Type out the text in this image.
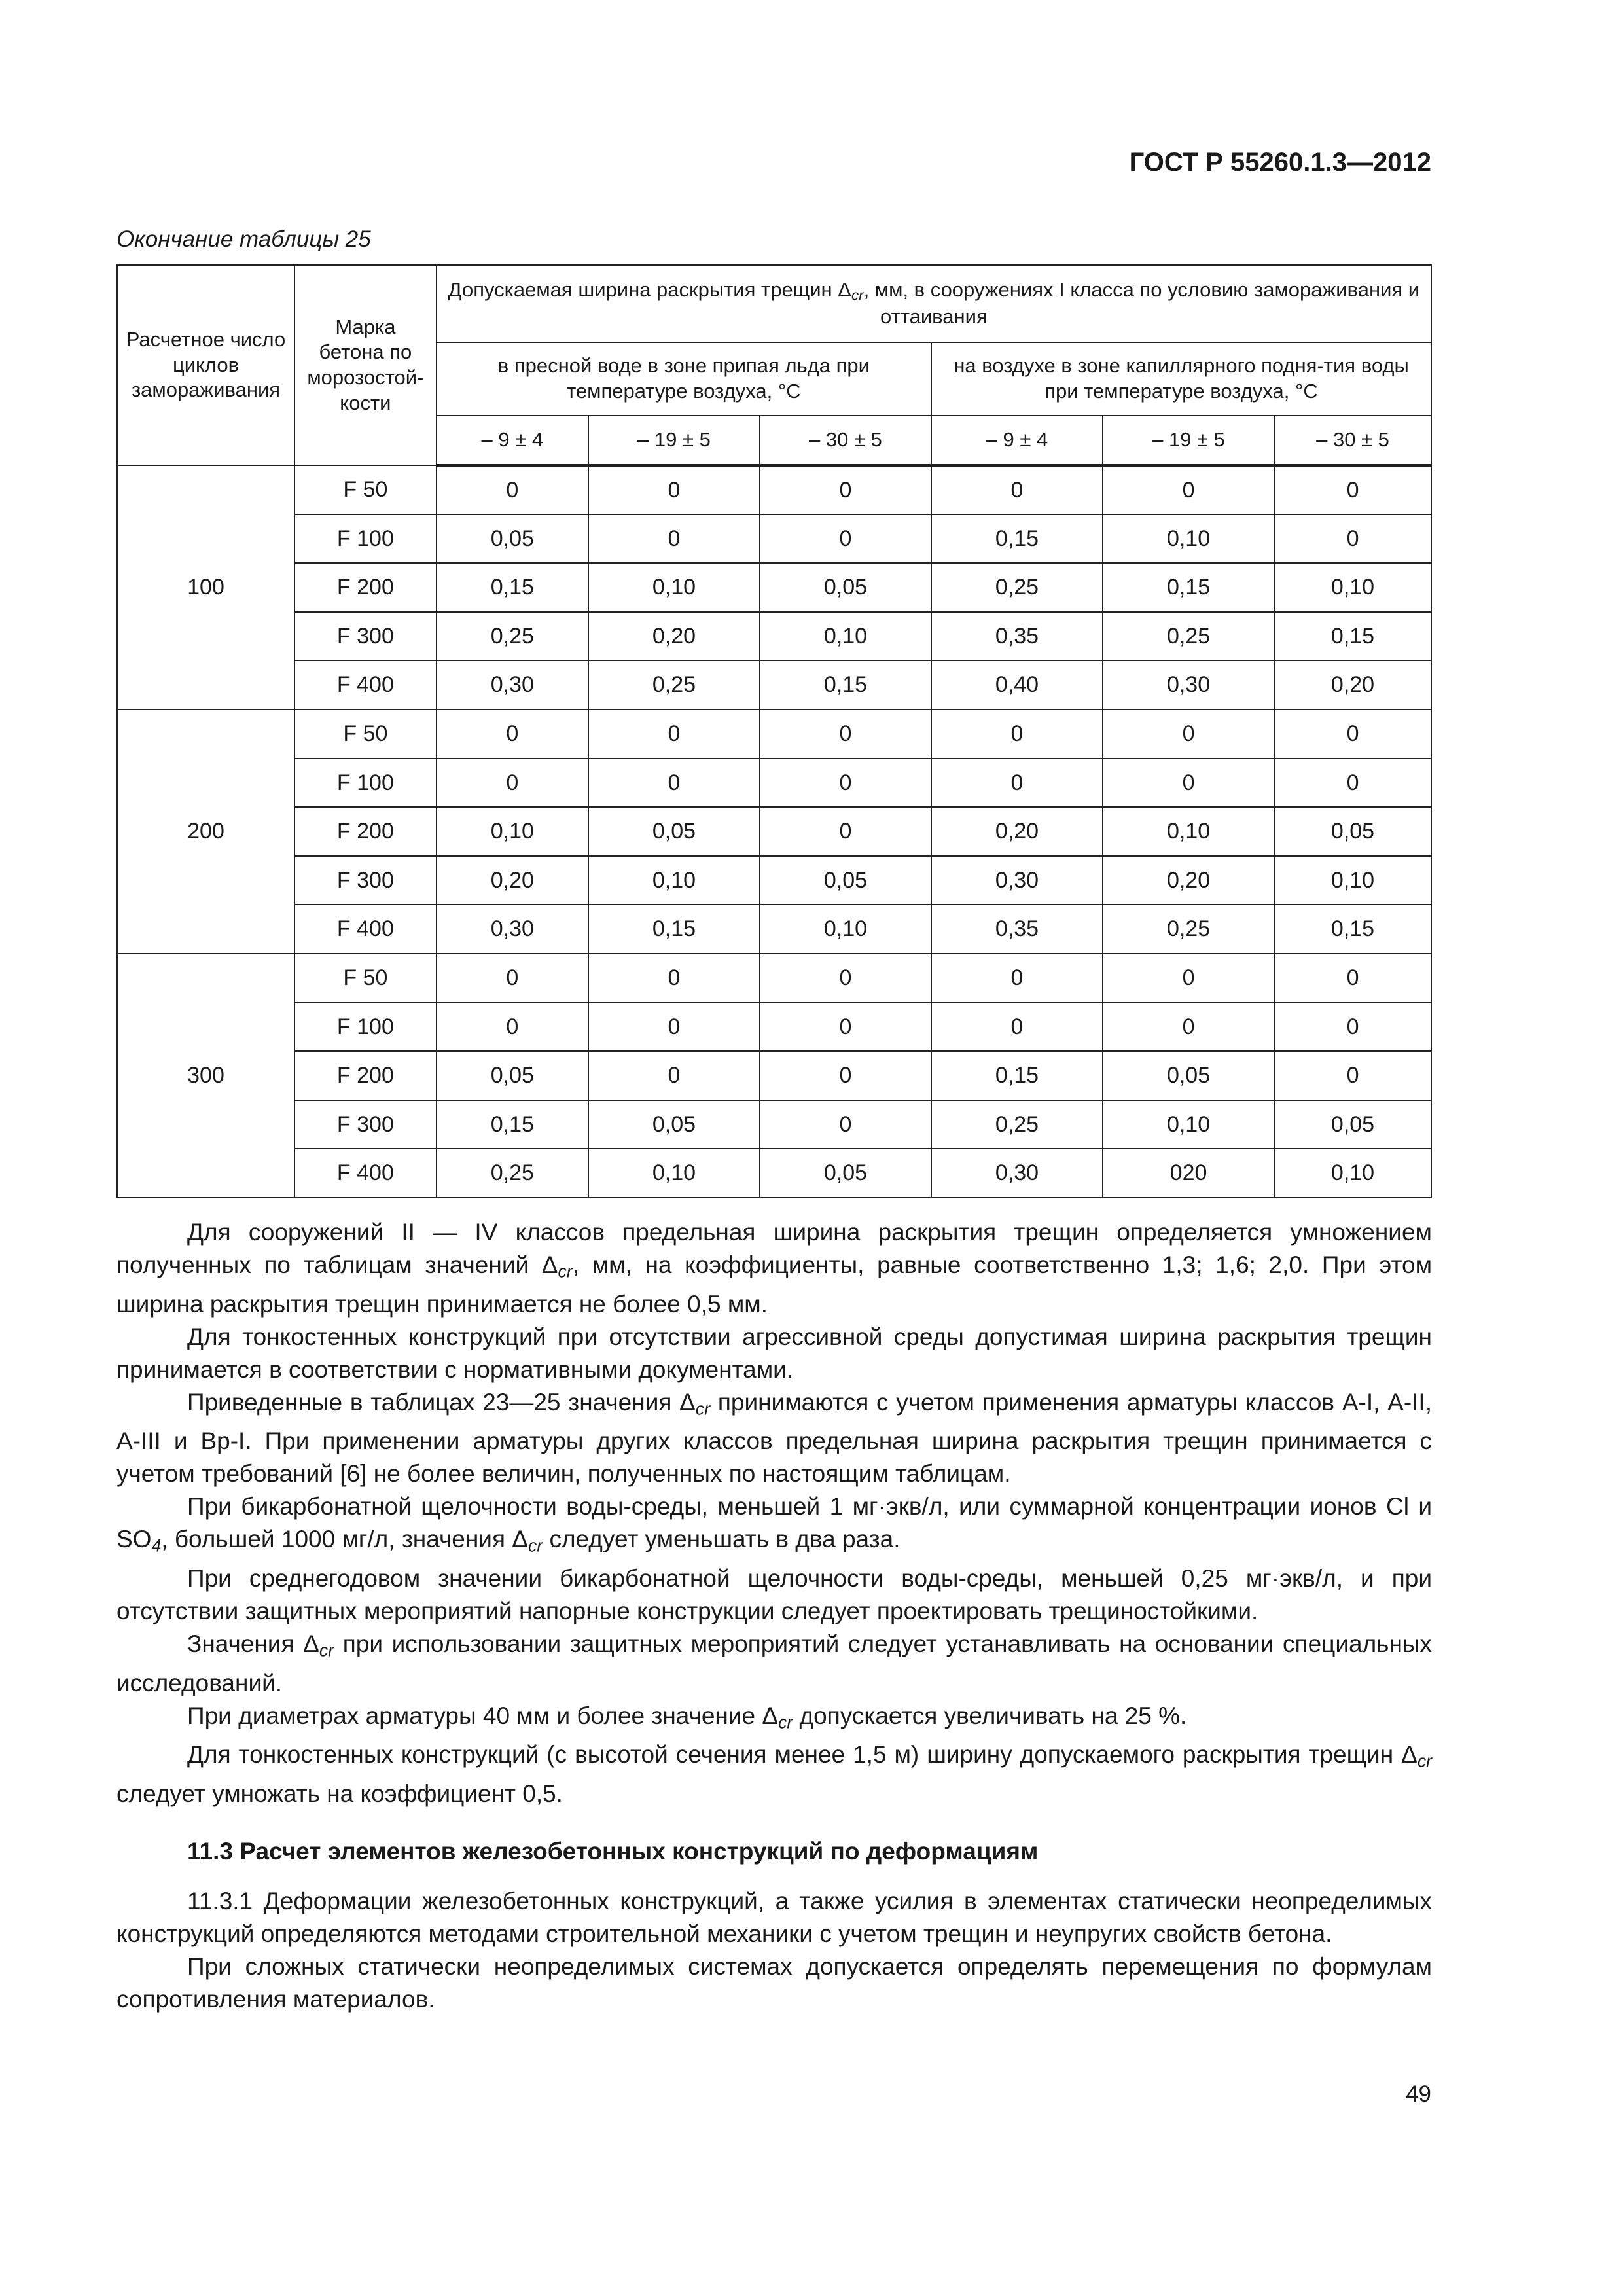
ГОСТ Р 55260.1.3—2012
Окончание таблицы 25
Расчетное число циклов замораживания	Марка бетона по морозостой-кости	Допускаемая ширина раскрытия трещин $\Delta_{cr}$, мм, в сооружениях I класса по условию замораживания и оттаивания					
		в пресной воде в зоне припая льда при температуре воздуха, °С			на воздухе в зоне капиллярного подня-тия воды при температуре воздуха, °С		
		– 9 ± 4	– 19 ± 5	– 30 ± 5	– 9 ± 4	– 19 ± 5	– 30 ± 5
100	F 50	0	0	0	0	0	0
	F 100	0,05	0	0	0,15	0,10	0
	F 200	0,15	0,10	0,05	0,25	0,15	0,10
	F 300	0,25	0,20	0,10	0,35	0,25	0,15
	F 400	0,30	0,25	0,15	0,40	0,30	0,20
200	F 50	0	0	0	0	0	0
	F 100	0	0	0	0	0	0
	F 200	0,10	0,05	0	0,20	0,10	0,05
	F 300	0,20	0,10	0,05	0,30	0,20	0,10
	F 400	0,30	0,15	0,10	0,35	0,25	0,15
300	F 50	0	0	0	0	0	0
	F 100	0	0	0	0	0	0
	F 200	0,05	0	0	0,15	0,05	0
	F 300	0,15	0,05	0	0,25	0,10	0,05
	F 400	0,25	0,10	0,05	0,30	020	0,10

Для сооружений II — IV классов предельная ширина раскрытия трещин определяется умножением полученных по таблицам значений $\Delta_{cr}$, мм, на коэффициенты, равные соответственно 1,3; 1,6; 2,0. При этом ширина раскрытия трещин принимается не более 0,5 мм.

Для тонкостенных конструкций при отсутствии агрессивной среды допустимая ширина раскрытия трещин принимается в соответствии с нормативными документами.

Приведенные в таблицах 23—25 значения $\Delta_{cr}$ принимаются с учетом применения арматуры классов А-I, А-II, А-III и Вр-I. При применении арматуры других классов предельная ширина раскрытия трещин принимается с учетом требований [6] не более величин, полученных по настоящим таблицам.

При бикарбонатной щелочности воды-среды, меньшей 1 мг·экв/л, или суммарной концентрации ионов Cl и $SO_4$, большей 1000 мг/л, значения $\Delta_{cr}$ следует уменьшать в два раза.

При среднегодовом значении бикарбонатной щелочности воды-среды, меньшей 0,25 мг·экв/л, и при отсутствии защитных мероприятий напорные конструкции следует проектировать трещиностойкими.

Значения $\Delta_{cr}$ при использовании защитных мероприятий следует устанавливать на основании специальных исследований.

При диаметрах арматуры 40 мм и более значение $\Delta_{cr}$ допускается увеличивать на 25 %.

Для тонкостенных конструкций (с высотой сечения менее 1,5 м) ширину допускаемого раскрытия трещин $\Delta_{cr}$ следует умножать на коэффициент 0,5.

11.3 Расчет элементов железобетонных конструкций по деформациям

11.3.1 Деформации железобетонных конструкций, а также усилия в элементах статически неопределимых конструкций определяются методами строительной механики с учетом трещин и неупругих свойств бетона.

При сложных статически неопределимых системах допускается определять перемещения по формулам сопротивления материалов.

49
